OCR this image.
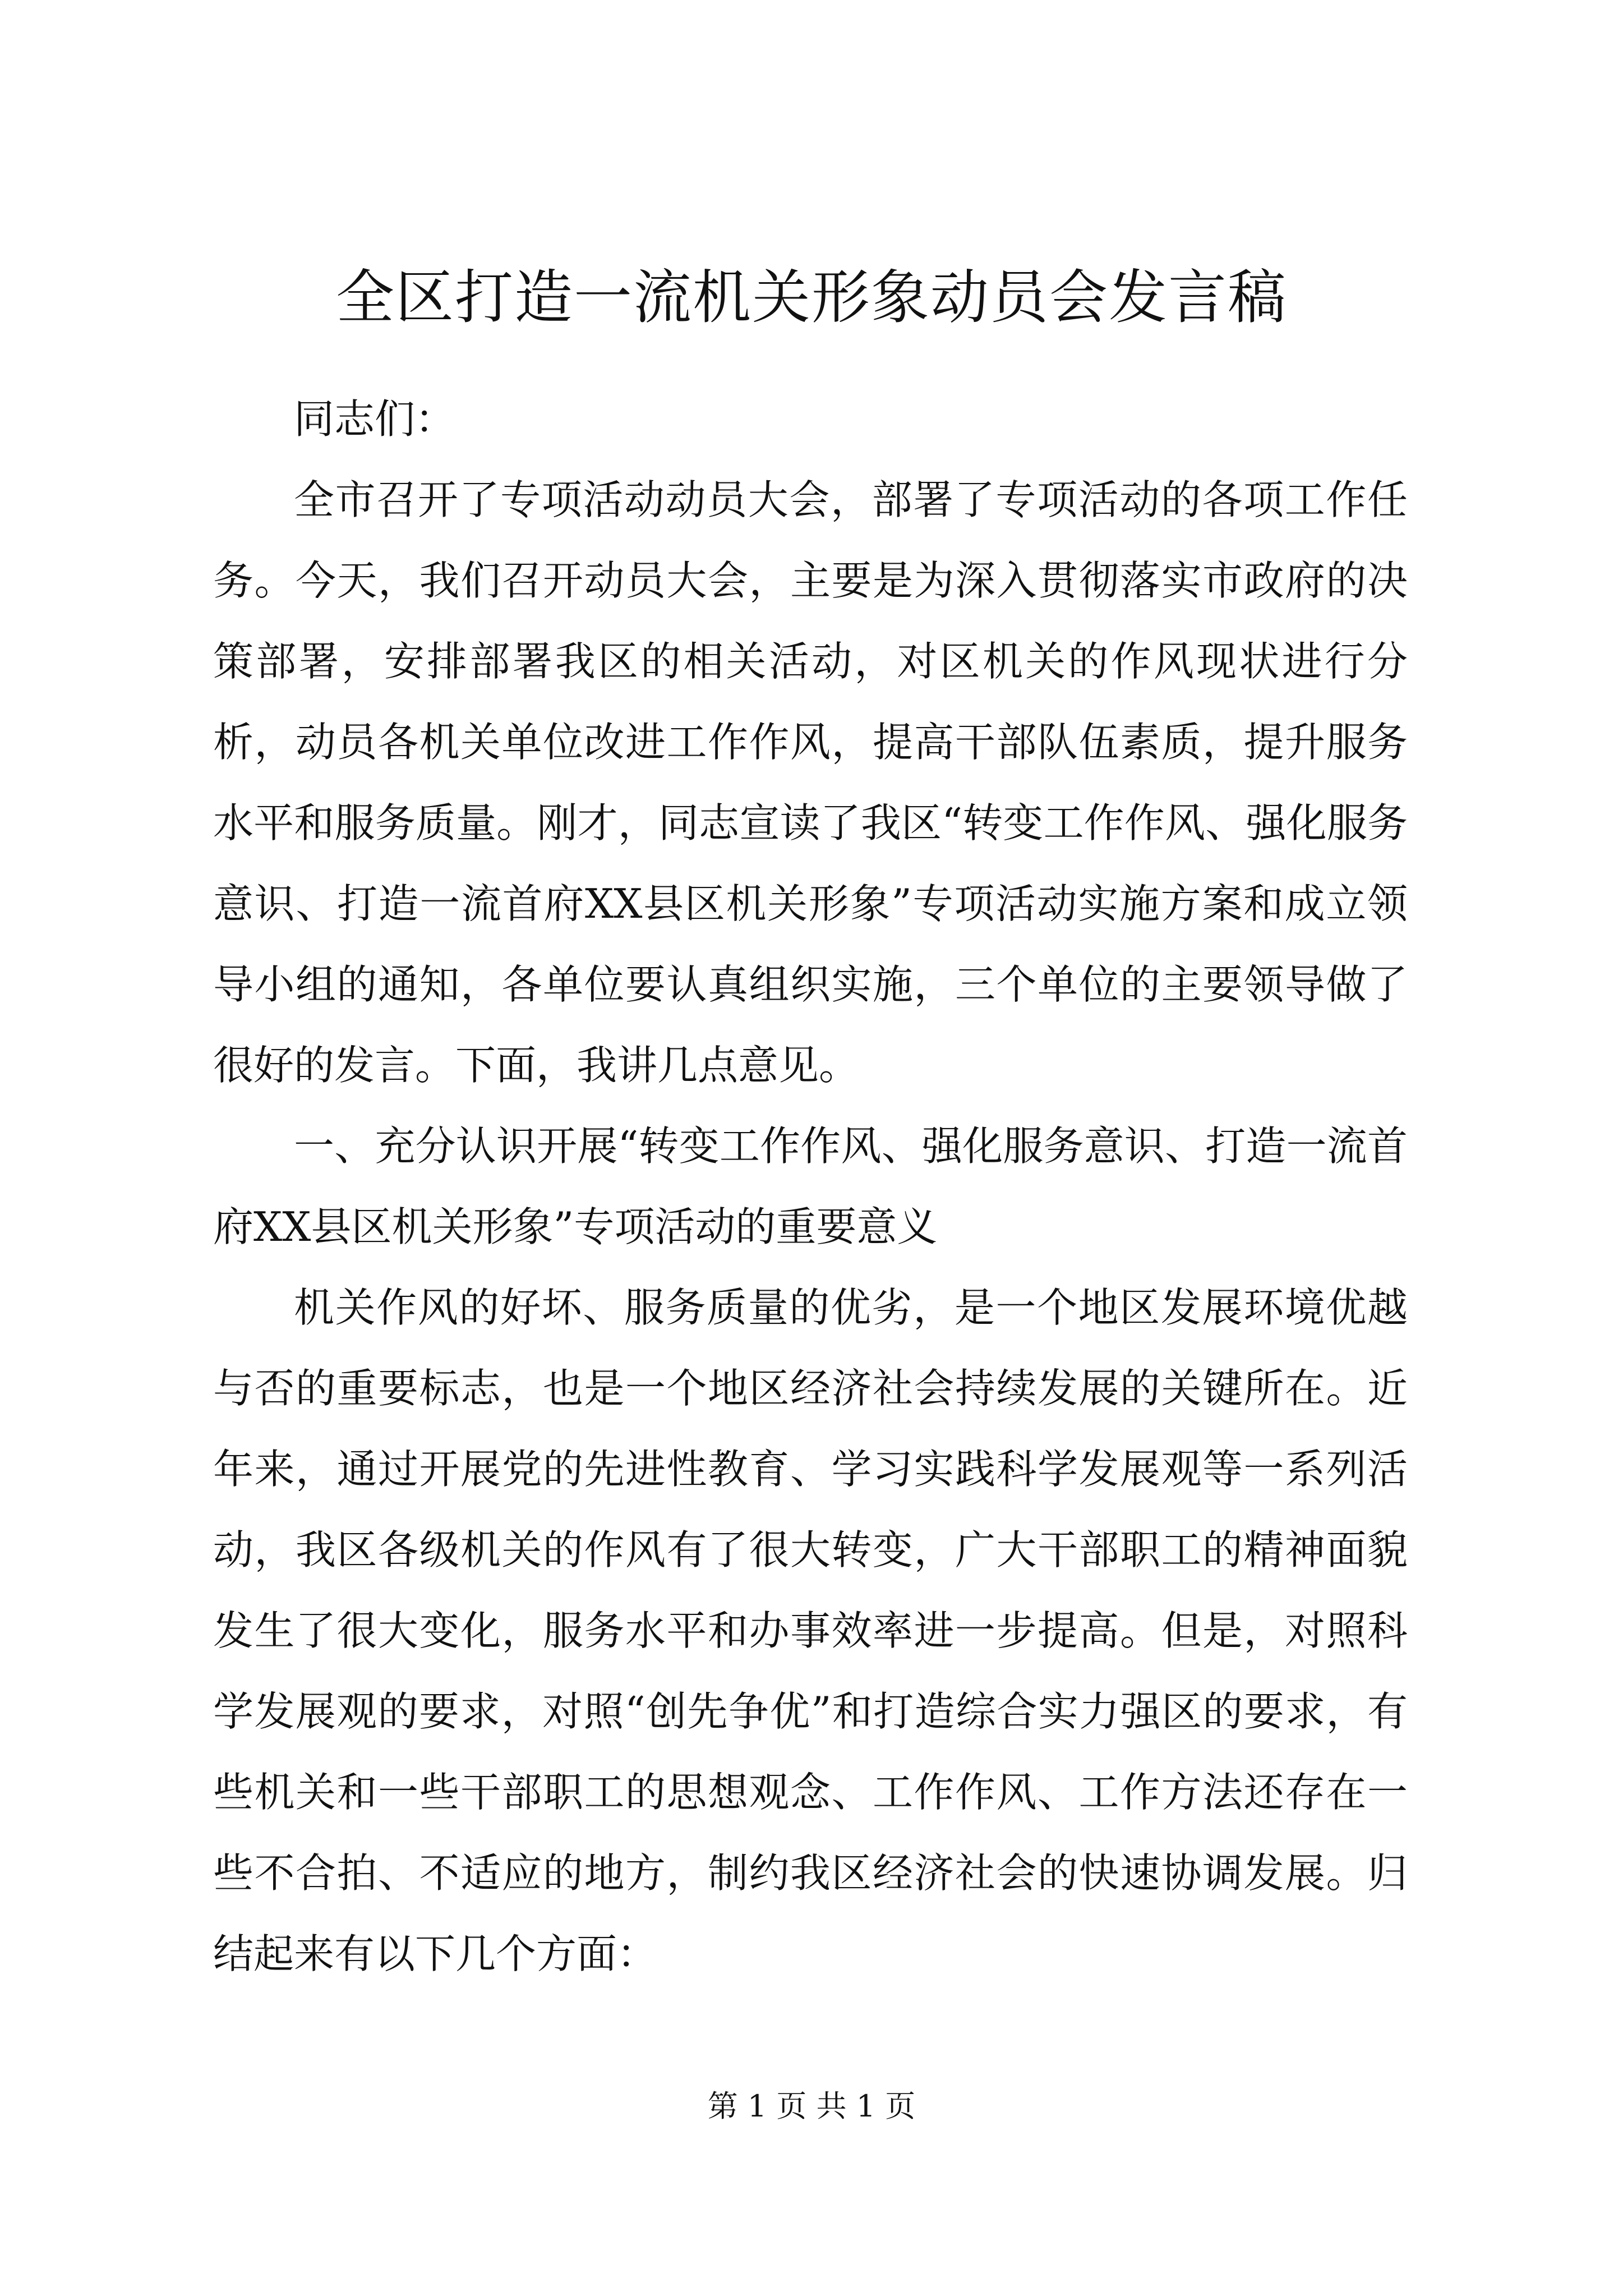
全区打造一流机关形象动员会发言稿

同志们：

全市召开了专项活动动员大会，部署了专项活动的各项工作任务。今天，我们召开动员大会，主要是为深入贯彻落实市政府的决策部署，安排部署我区的相关活动，对区机关的作风现状进行分析，动员各机关单位改进工作作风，提高干部队伍素质，提升服务水平和服务质量。刚才，同志宣读了我区“转变工作作风、强化服务意识、打造一流首府XX县区机关形象”专项活动实施方案和成立领导小组的通知，各单位要认真组织实施，三个单位的主要领导做了很好的发言。下面，我讲几点意见。

一、充分认识开展“转变工作作风、强化服务意识、打造一流首府XX县区机关形象”专项活动的重要意义

机关作风的好坏、服务质量的优劣，是一个地区发展环境优越与否的重要标志，也是一个地区经济社会持续发展的关键所在。近年来，通过开展党的先进性教育、学习实践科学发展观等一系列活动，我区各级机关的作风有了很大转变，广大干部职工的精神面貌发生了很大变化，服务水平和办事效率进一步提高。但是，对照科学发展观的要求，对照“创先争优”和打造综合实力强区的要求，有些机关和一些干部职工的思想观念、工作作风、工作方法还存在一些不合拍、不适应的地方，制约我区经济社会的快速协调发展。归结起来有以下几个方面：

第 1 页 共 1 页
